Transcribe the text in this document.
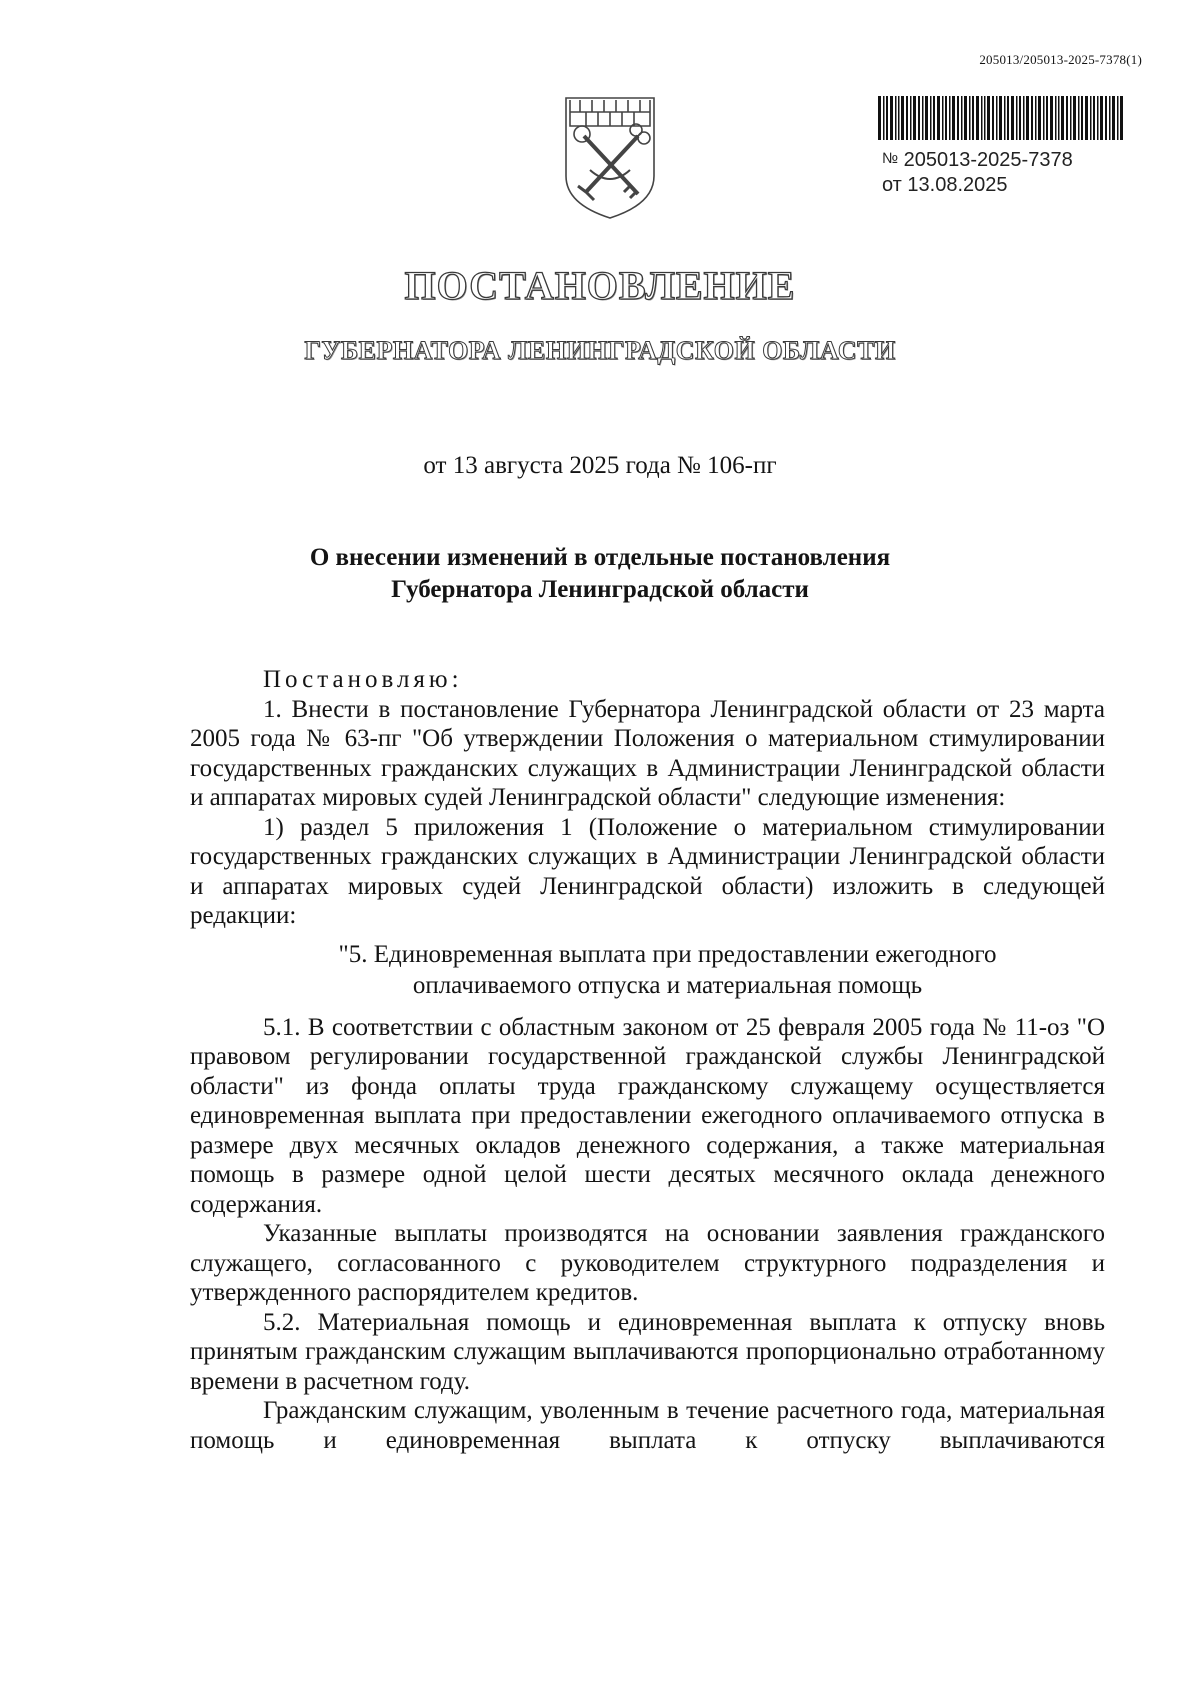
205013/205013-2025-7378(1)
№ 205013-2025-7378
от 13.08.2025
ПОСТАНОВЛЕНИЕ
ГУБЕРНАТОРА ЛЕНИНГРАДСКОЙ ОБЛАСТИ
от 13 августа 2025 года № 106-пг
О внесении изменений в отдельные постановления
Губернатора Ленинградской области

Постановляю:

1. Внести в постановление Губернатора Ленинградской области от 23 марта 2005 года № 63-пг "Об утверждении Положения о материальном стимулировании государственных гражданских служащих в Администрации Ленинградской области и аппаратах мировых судей Ленинградской области" следующие изменения:

1) раздел 5 приложения 1 (Положение о материальном стимулировании государственных гражданских служащих в Администрации Ленинградской области и аппаратах мировых судей Ленинградской области) изложить в следующей редакции:

"5. Единовременная выплата при предоставлении ежегодного
оплачиваемого отпуска и материальная помощь

5.1. В соответствии с областным законом от 25 февраля 2005 года № 11-оз "О правовом регулировании государственной гражданской службы Ленинградской области" из фонда оплаты труда гражданскому служащему осуществляется единовременная выплата при предоставлении ежегодного оплачиваемого отпуска в размере двух месячных окладов денежного содержания, а также материальная помощь в размере одной целой шести десятых месячного оклада денежного содержания.

Указанные выплаты производятся на основании заявления гражданского служащего, согласованного с руководителем структурного подразделения и утвержденного распорядителем кредитов.

5.2. Материальная помощь и единовременная выплата к отпуску вновь принятым гражданским служащим выплачиваются пропорционально отработанному времени в расчетном году.

Гражданским служащим, уволенным в течение расчетного года, материальная помощь и единовременная выплата к отпуску выплачиваются
